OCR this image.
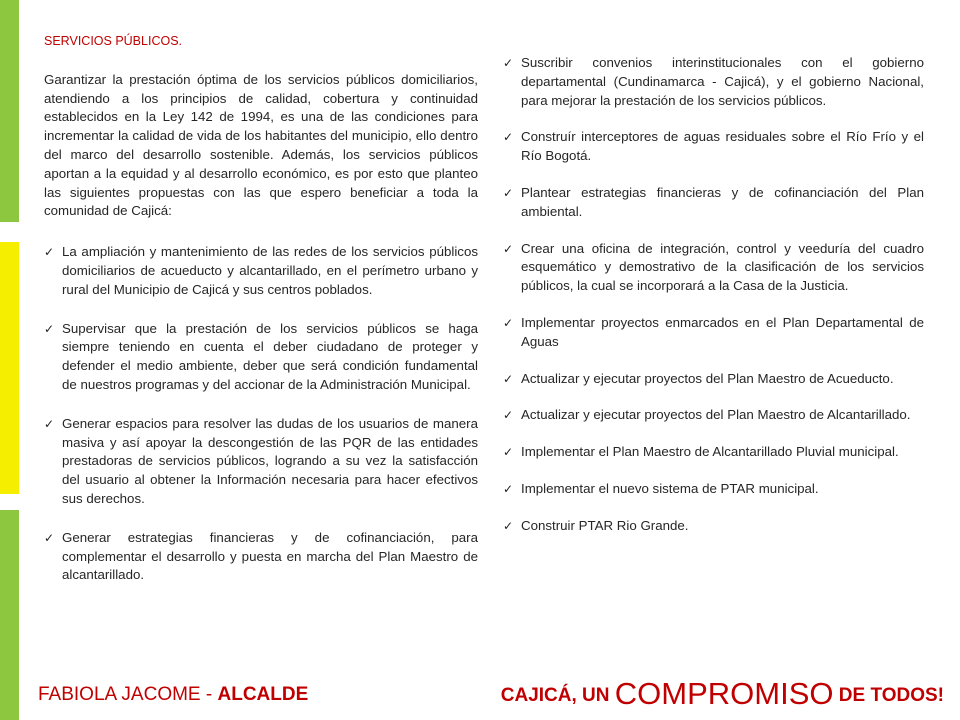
SERVICIOS PÚBLICOS.
Garantizar la prestación óptima de los servicios públicos domiciliarios, atendiendo a los principios de calidad, cobertura y continuidad establecidos en la Ley 142 de 1994, es una de las condiciones para incrementar la calidad de vida de los habitantes del municipio, ello dentro del marco del desarrollo sostenible. Además, los servicios públicos aportan a la equidad y al desarrollo económico, es por esto que planteo las siguientes propuestas con las que espero beneficiar a toda la comunidad de Cajicá:
✓ La ampliación y mantenimiento de las redes de los servicios públicos domiciliarios de acueducto y alcantarillado, en el perímetro urbano y rural del Municipio de Cajicá y sus centros poblados.
✓ Supervisar que la prestación de los servicios públicos se haga siempre teniendo en cuenta el deber ciudadano de proteger y defender el medio ambiente, deber que será condición fundamental de nuestros programas y del accionar de la Administración Municipal.
✓ Generar espacios para resolver las dudas de los usuarios de manera masiva y así apoyar la descongestión de las PQR de las entidades prestadoras de servicios públicos, logrando a su vez la satisfacción del usuario al obtener la Información necesaria para hacer efectivos sus derechos.
✓ Generar estrategias financieras y de cofinanciación, para complementar el desarrollo y puesta en marcha del Plan Maestro de alcantarillado.
✓ Suscribir convenios interinstitucionales con el gobierno departamental (Cundinamarca - Cajicá), y el gobierno Nacional, para mejorar la prestación de los servicios públicos.
✓ Construír interceptores de aguas residuales sobre el Río Frío y el Río Bogotá.
✓ Plantear estrategias financieras y de cofinanciación del Plan ambiental.
✓ Crear una oficina de integración, control y veeduría del cuadro esquemático y demostrativo de la clasificación de los servicios públicos, la cual se incorporará a la Casa de la Justicia.
✓ Implementar proyectos enmarcados en el Plan Departamental de Aguas
✓ Actualizar y ejecutar proyectos del Plan Maestro de Acueducto.
✓ Actualizar y ejecutar proyectos del Plan Maestro de Alcantarillado.
✓ Implementar el Plan Maestro de Alcantarillado Pluvial municipal.
✓ Implementar el nuevo sistema de PTAR municipal.
✓ Construir PTAR Rio Grande.
FABIOLA JACOME - ALCALDE	CAJICÁ, UN COMPROMISO DE TODOS!
